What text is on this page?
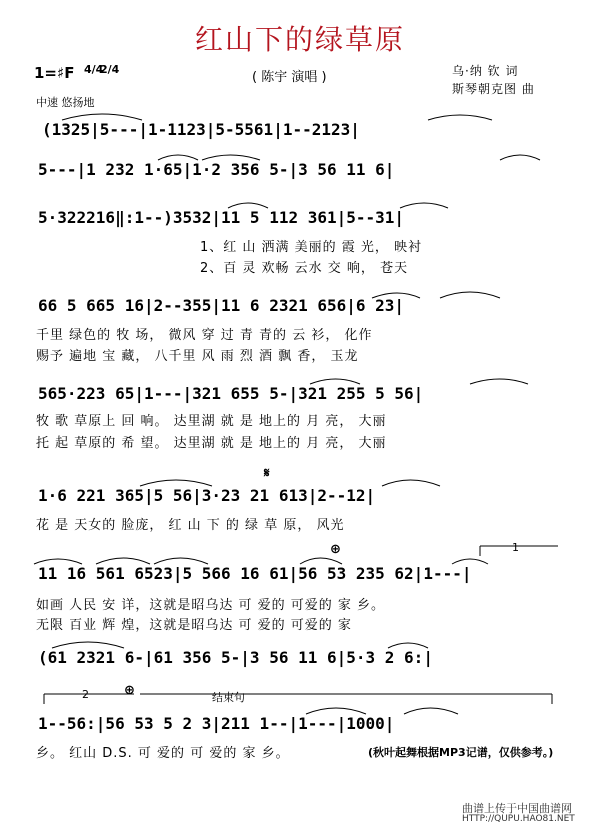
红山下的绿草原
( 陈宇 演唱 )	乌·纳 钦 词
斯琴朝克图 曲
1=♯F 4/4
2/4
中速 悠扬地
(1325|5---|1-1123|5-5561|1--2123|
5---|1 232 1·65|1·2 356 5-|3 56 11 6|
5·322216‖:1--)3532|11 5 112 361|5--31|
1、红 山 洒满 美丽的 霞 光， 映衬
2、百 灵 欢畅 云水 交 响， 苍天
66 5 665 16|2--355|11 6 2321 656|6 23|
千里 绿色的 牧 场， 微风 穿 过 青 青的 云 衫， 化作
赐予 遍地 宝 藏， 八千里 风 雨 烈 酒 飘 香， 玉龙
565·223 65|1---|321 655 5-|321 255 5 56|
牧 歌 草原上 回 响。 达里湖 就 是 地上的 月 亮， 大丽
托 起 草原的 希 望。 达里湖 就 是 地上的 月 亮， 大丽
𝄋
1·6 221 365|5 56|3·23 21 613|2--12|
花 是 天女的 脸庞， 红 山 下 的 绿 草 原， 风光
⊕	1
11 16 561 6523|5 566 16 61|56 53 235 62|1---|
如画 人民 安 详，这就是昭乌达 可 爱的 可爱的 家 乡。
无限 百业 辉 煌，这就是昭乌达 可 爱的 可爱的 家
(61 2321 6-|61 356 5-|3 56 11 6|5·3 2 6:|
2	⊕	结束句
1--56:|56 53 5 2 3|211 1--|1---|1000|
乡。 红山 D.S. 可 爱的 可 爱的 家 乡。	(秋叶起舞根据MP3记谱，仅供参考。)
曲谱上传于中国曲谱网
HTTP://QUPU.HAO81.NET
